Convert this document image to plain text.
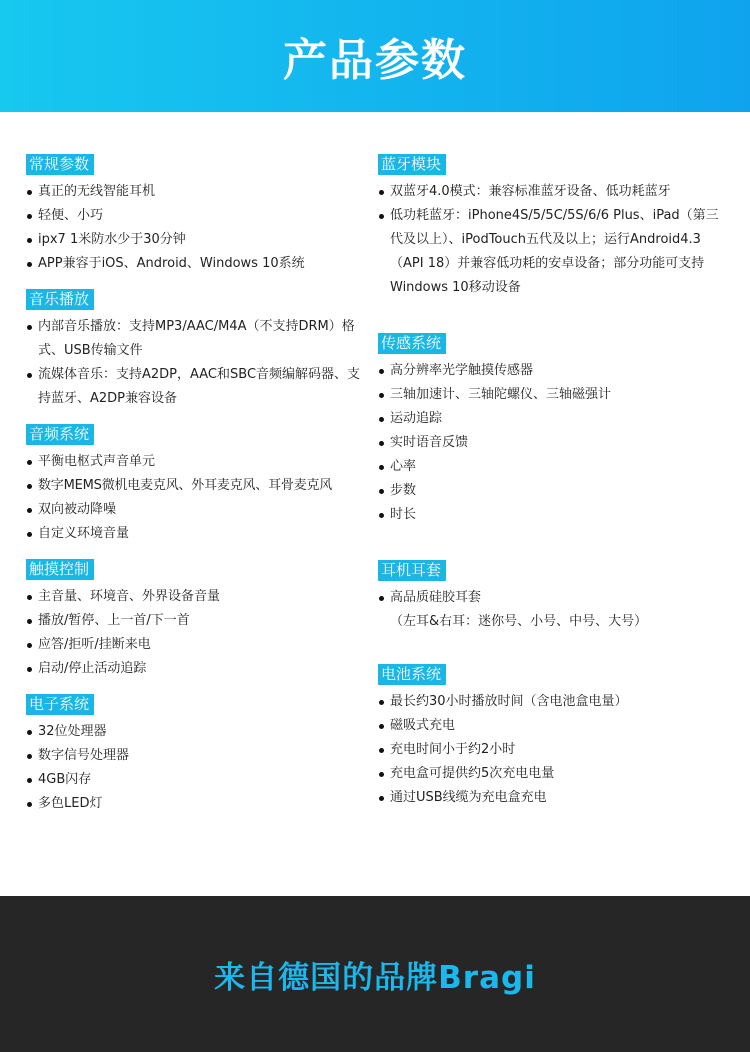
产品参数
常规参数
真正的无线智能耳机
轻便、小巧
ipx7 1米防水少于30分钟
APP兼容于iOS、Android、Windows 10系统
音乐播放
内部音乐播放：支持MP3/AAC/M4A（不支持DRM）格式、USB传输文件
流媒体音乐：支持A2DP，AAC和SBC音频编解码器、支持蓝牙、A2DP兼容设备
音频系统
平衡电枢式声音单元
数字MEMS微机电麦克风、外耳麦克风、耳骨麦克风
双向被动降噪
自定义环境音量
触摸控制
主音量、环境音、外界设备音量
播放/暂停、上一首/下一首
应答/拒听/挂断来电
启动/停止活动追踪
电子系统
32位处理器
数字信号处理器
4GB闪存
多色LED灯
蓝牙模块
双蓝牙4.0模式：兼容标准蓝牙设备、低功耗蓝牙
低功耗蓝牙：iPhone4S/5/5C/5S/6/6 Plus、iPad（第三代及以上）、iPodTouch五代及以上；运行Android4.3（API 18）并兼容低功耗的安卓设备；部分功能可支持Windows 10移动设备
传感系统
高分辨率光学触摸传感器
三轴加速计、三轴陀螺仪、三轴磁强计
运动追踪
实时语音反馈
心率
步数
时长
耳机耳套
高品质硅胶耳套
（左耳&右耳：迷你号、小号、中号、大号）
电池系统
最长约30小时播放时间（含电池盒电量）
磁吸式充电
充电时间小于约2小时
充电盒可提供约5次充电电量
通过USB线缆为充电盒充电
来自德国的品牌Bragi
